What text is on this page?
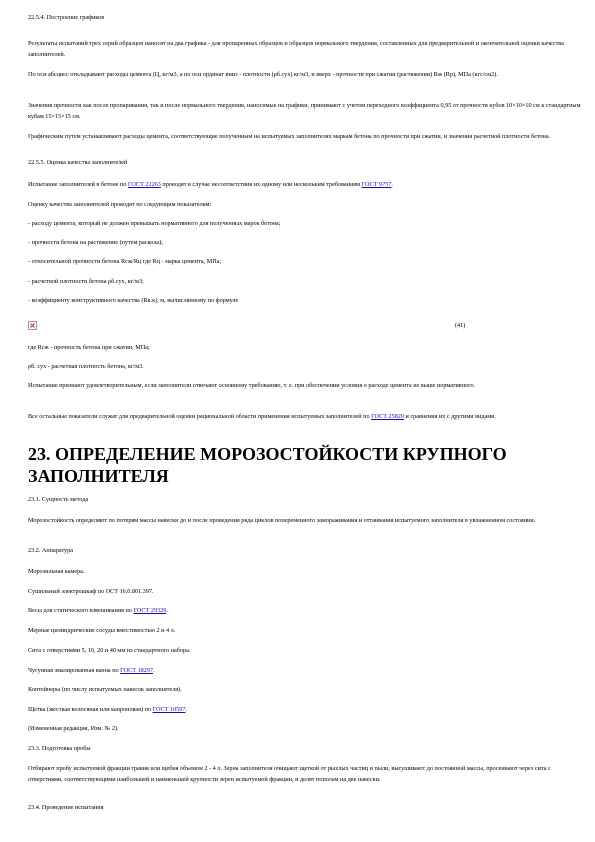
22.5.4. Построение графиков

Результаты испытаний трех серий образцов наносят на два графика - для пропаренных образцов и образцов нормального твердения, составленных для предварительной и окончательной оценки качества заполнителей.

По оси абсцисс откладывают расходы цемента (Ц, кг/м3, а по оси ординат вниз - плотности (ρб.сух) кг/м3, и вверх - прочности при сжатии (растяжении) Rж (Rр), МПа (кгс/см2).

Значения прочности как после пропаривания, так и после нормального твердения, наносимые на графики, принимают с учетом переходного коэффициента 0,95 от прочности кубов 10×10×10 см к стандартным кубам 15×15×15 см.

Графическим путем устанавливают расходы цемента, соответствующие полученным на испытуемых заполнителях маркам бетона по прочности при сжатии, и значения расчетной плотности бетона.

22.5.5. Оценка качества заполнителей

Испытание заполнителей в бетоне по ГОСТ 22263 проводят в случае несоответствия их одному или нескольким требованиям ГОСТ 9757.

Оценку качества заполнителей проводят по следующим показателям:

- расходу цемента, который не должен превышать нормативного для полученных марок бетона;

- прочности бетона на растяжение (путем раскола);

- относительной прочности бетона Rсж/Rц где Rц - марка цемента, МПа;

- расчетной плотности бетона ρб.сух, кг/м3;

- коэффициенту конструктивного качества (Rк.к), м, вычисляемому по формуле

(41)

где Rсж - прочность бетона при сжатии, МПа;

ρб. сух - расчетная плотность бетона, кг/м3.

Испытание признают удовлетворительным, если заполнители отвечают основному требованию, т. е. при обеспечении условия о расходе цемента не выше нормативного.

Все остальные показатели служат для предварительной оценки рациональной области применения испытуемых заполнителей по ГОСТ 25820 и сравнения их с другими видами.

23. ОПРЕДЕЛЕНИЕ МОРОЗОСТОЙКОСТИ КРУПНОГО ЗАПОЛНИТЕЛЯ

23.1. Сущность метода

Морозостойкость определяют по потерям массы навески до и после проведения ряда циклов попеременного замораживания и оттаивания испытуемого заполнителя в увлажненном состоянии.

23.2. Аппаратура

Морозильная камера.

Сушильный электрошкаф по ОСТ 16.0.801.397.

Весы для статического взвешивания по ГОСТ 29329.

Мерные цилиндрические сосуды вместимостью 2 и 4 л.

Сита с отверстиями 5, 10, 20 и 40 мм из стандартного набора.

Чугунная эмалированная ванна по ГОСТ 18297.

Контейнеры (по числу испытуемых навесок заполнителя).

Щетка (жесткая волосяная или капроновая) по ГОСТ 10597.

(Измененная редакция, Изм. № 2).

23.3. Подготовка пробы

Отбирают пробу испытуемой фракции гравия или щебня объемом 2 - 4 л. Зерна заполнителя очищают щеткой от рыхлых частиц и пыли, высушивают до постоянной массы, просеивают через сита с отверстиями, соответствующими наибольшей и наименьшей крупности зерен испытуемой фракции, и делят пополам на две навески.

23.4. Проведение испытания
